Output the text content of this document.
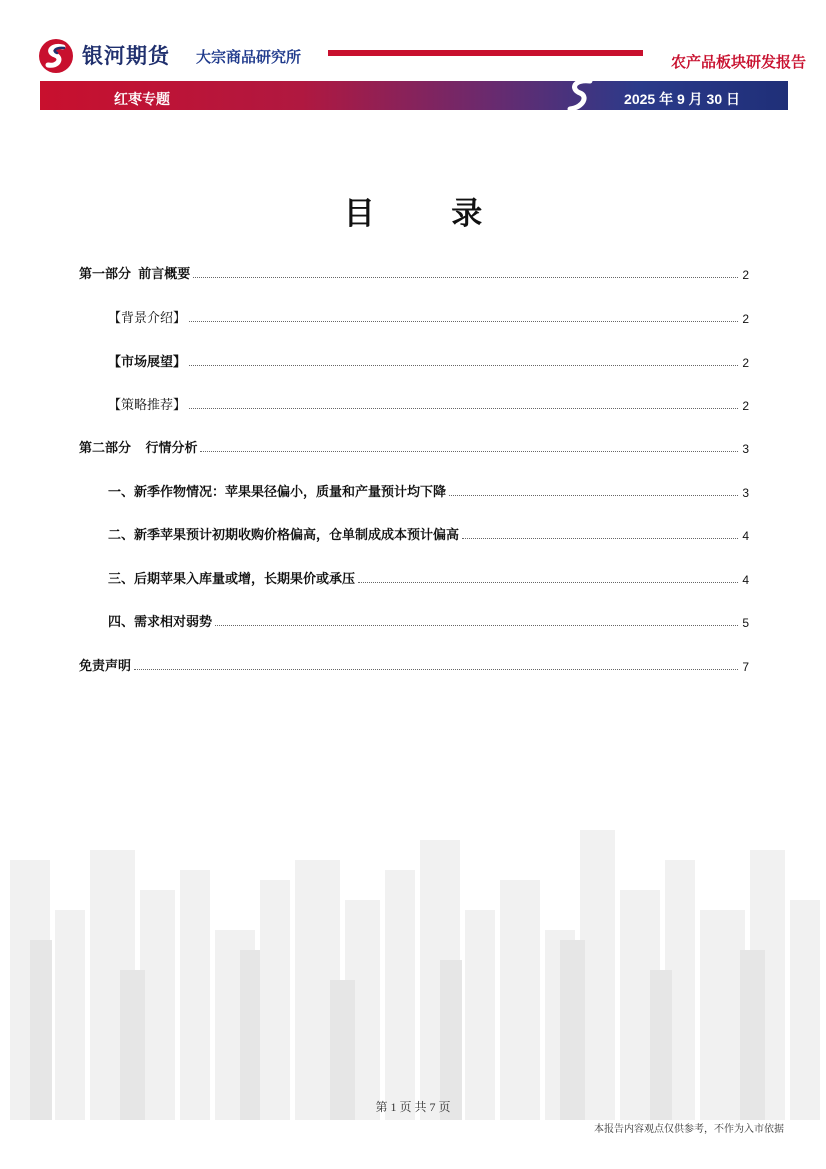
银河期货 大宗商品研究所	农产品板块研发报告
红枣专题	2025 年 9 月 30 日
目 录
第一部分  前言概要	2
【背景介绍】	2
【市场展望】	2
【策略推荐】	2
第二部分    行情分析	3
一、新季作物情况：苹果果径偏小，质量和产量预计均下降	3
二、新季苹果预计初期收购价格偏高，仓单制成成本预计偏高	4
三、后期苹果入库量或增，长期果价或承压	4
四、需求相对弱势	5
免责声明	7
第 1 页 共 7 页
本报告内容观点仅供参考，不作为入市依据
